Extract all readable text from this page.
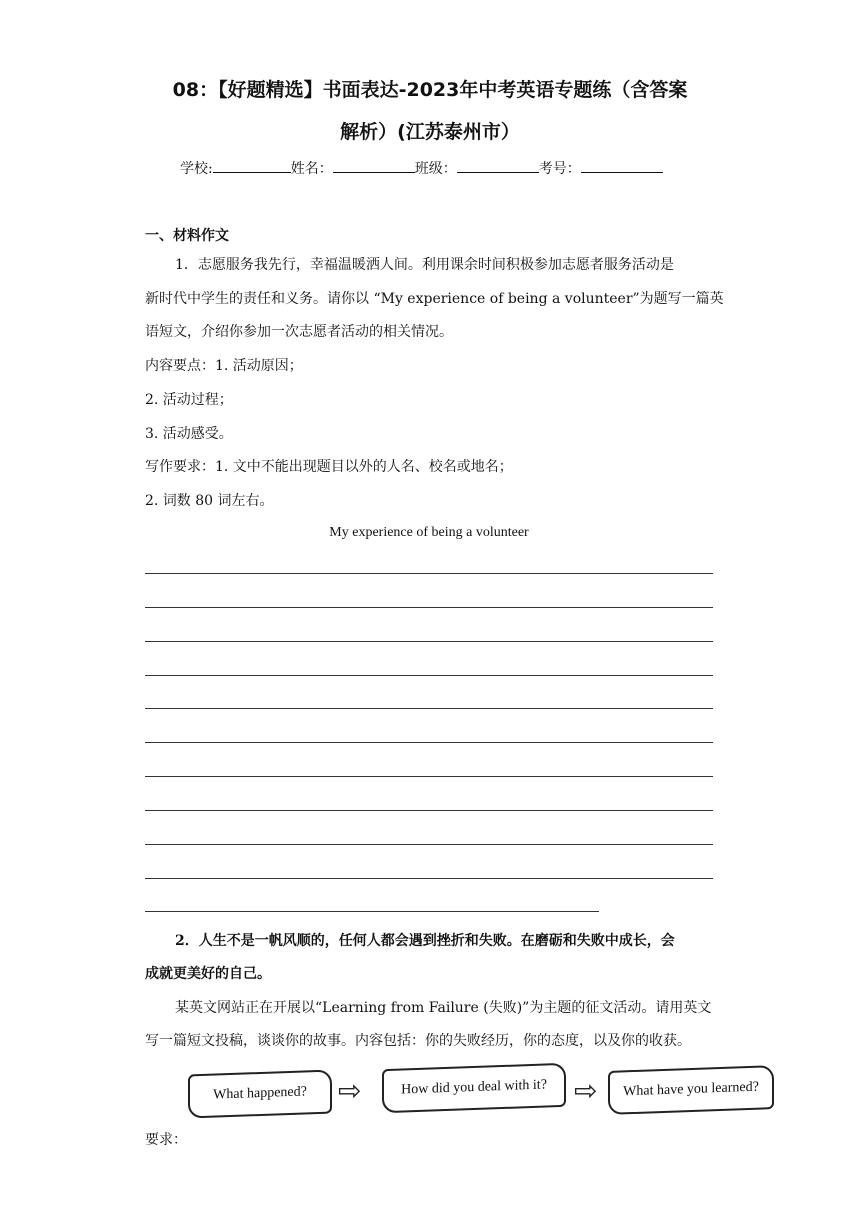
08：【好题精选】书面表达-2023年中考英语专题练（含答案
解析）(江苏泰州市）
学校:	姓名：	班级：	考号：
一、材料作文
1．志愿服务我先行，幸福温暖洒人间。利用课余时间积极参加志愿者服务活动是
新时代中学生的责任和义务。请你以 “My experience of being a volunteer”为题写一篇英
语短文，介绍你参加一次志愿者活动的相关情况。
内容要点：1. 活动原因；
2. 活动过程；
3. 活动感受。
写作要求：1. 文中不能出现题目以外的人名、校名或地名；
2. 词数 80 词左右。
My experience of being a volunteer
2．人生不是一帆风顺的，任何人都会遇到挫折和失败。在磨砺和失败中成长，会
成就更美好的自己。
某英文网站正在开展以“Learning from Failure (失败)”为主题的征文活动。请用英文
写一篇短文投稿，谈谈你的故事。内容包括：你的失败经历，你的态度，以及你的收获。
What happened?	⇨	How did you deal with it? ⇨	What have you learned?
要求：
